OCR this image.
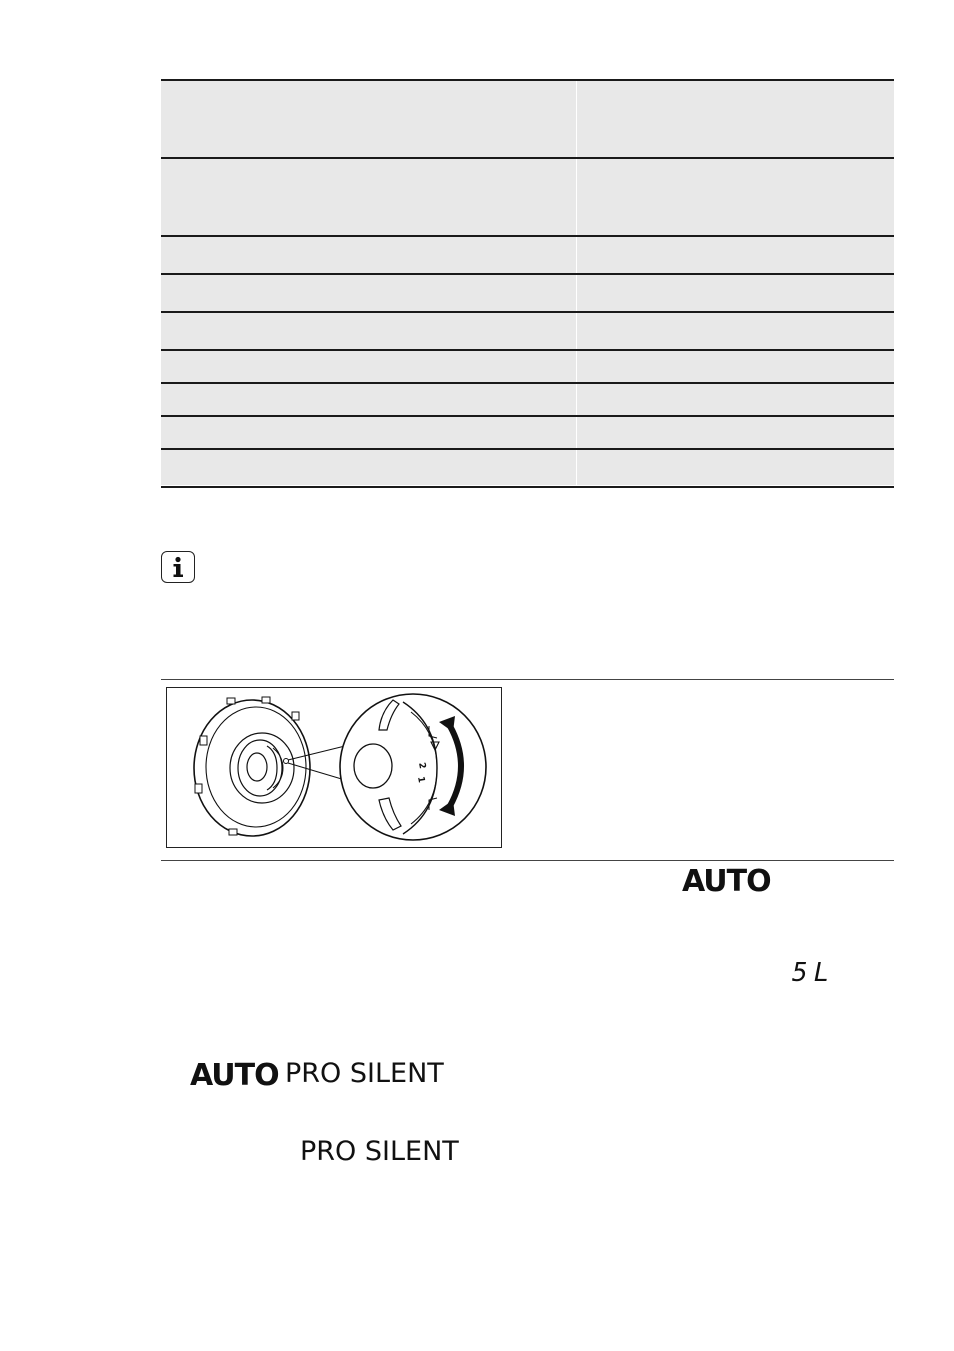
2
1
AUTO
5L
AUTO PRO SILENT
PRO SILENT
